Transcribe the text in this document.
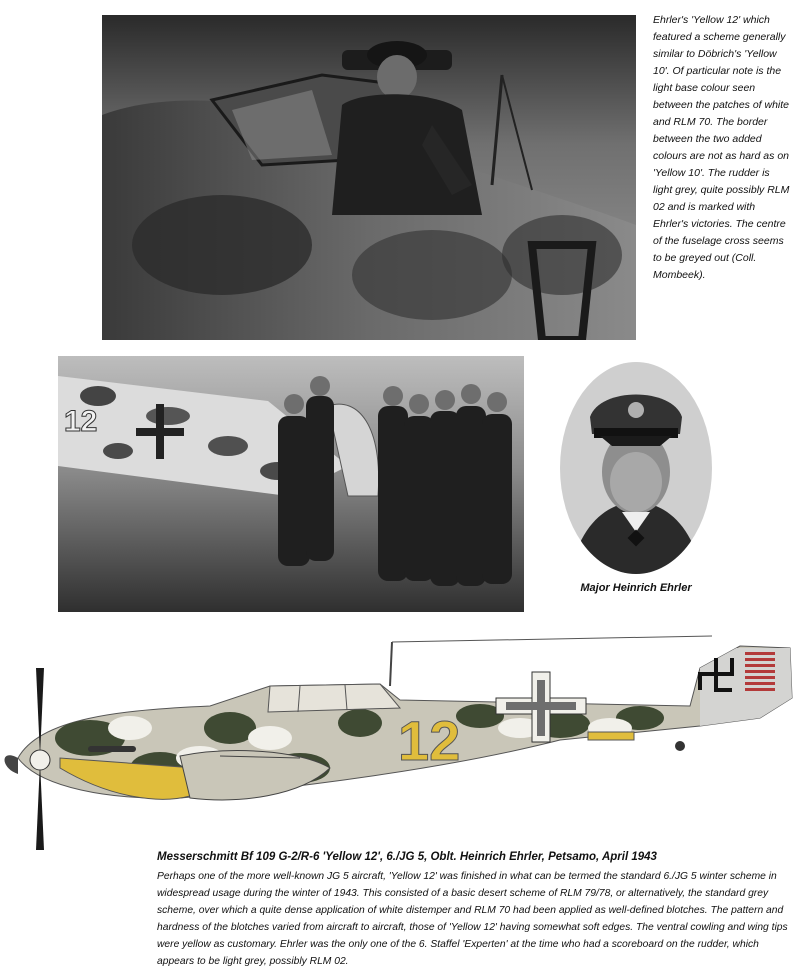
Ehrler's 'Yellow 12' which featured a scheme generally similar to Döbrich's 'Yellow 10'. Of particular note is the light base colour seen between the patches of white and RLM 70. The border between the two added colours are not as hard as on 'Yellow 10'. The rudder is light grey, quite possibly RLM 02 and is marked with Ehrler's victories. The centre of the fuselage cross seems to be greyed out (Coll. Mombeek).
12
Major Heinrich Ehrler
12
Messerschmitt Bf 109 G-2/R-6 'Yellow 12', 6./JG 5, Oblt. Heinrich Ehrler, Petsamo, April 1943
Perhaps one of the more well-known JG 5 aircraft, 'Yellow 12' was finished in what can be termed the standard 6./JG 5 winter scheme in widespread usage during the winter of 1943. This consisted of a basic desert scheme of RLM 79/78, or alternatively, the standard grey scheme, over which a quite dense application of white distemper and RLM 70 had been applied as well-defined blotches. The pattern and hardness of the blotches varied from aircraft to aircraft, those of 'Yellow 12' having somewhat soft edges. The ventral cowling and wing tips were yellow as customary. Ehrler was the only one of the 6. Staffel 'Experten' at the time who had a scoreboard on the rudder, which appears to be light grey, possibly RLM 02.
